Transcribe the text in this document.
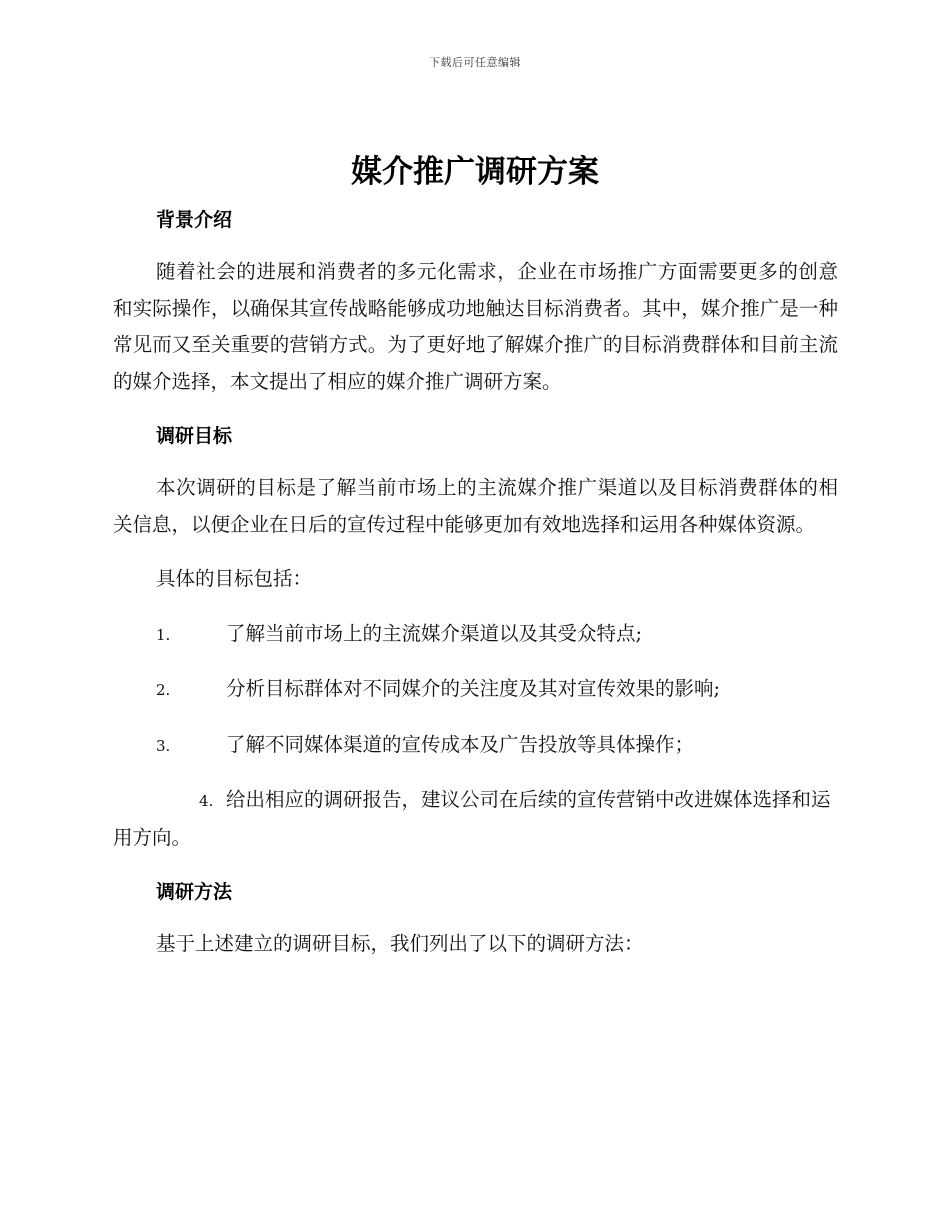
下载后可任意编辑
媒介推广调研方案

背景介绍

随着社会的进展和消费者的多元化需求，企业在市场推广方面需要更多的创意和实际操作，以确保其宣传战略能够成功地触达目标消费者。其中，媒介推广是一种常见而又至关重要的营销方式。为了更好地了解媒介推广的目标消费群体和目前主流的媒介选择，本文提出了相应的媒介推广调研方案。

调研目标

本次调研的目标是了解当前市场上的主流媒介推广渠道以及目标消费群体的相关信息，以便企业在日后的宣传过程中能够更加有效地选择和运用各种媒体资源。

具体的目标包括：

1.	了解当前市场上的主流媒介渠道以及其受众特点;

2.	分析目标群体对不同媒介的关注度及其对宣传效果的影响;

3.	了解不同媒体渠道的宣传成本及广告投放等具体操作；

4. 给出相应的调研报告，建议公司在后续的宣传营销中改进媒体选择和运用方向。

调研方法

基于上述建立的调研目标，我们列出了以下的调研方法：
